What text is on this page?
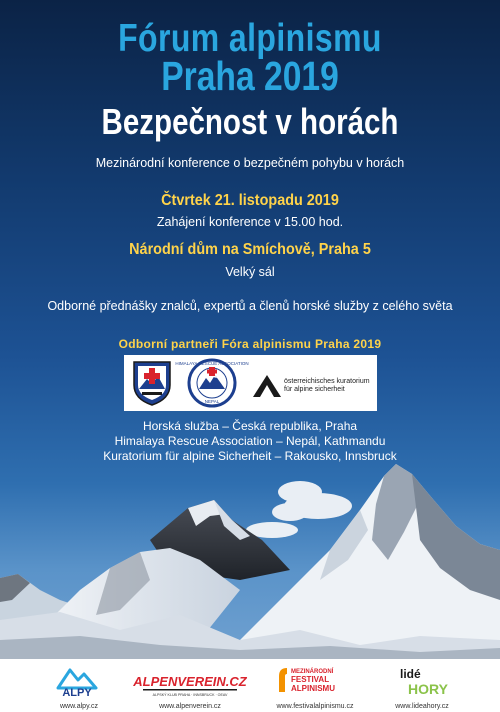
Fórum alpinismu
Praha 2019
Bezpečnost v horách
Mezinárodní konference o bezpečném pohybu v horách
Čtvrtek 21. listopadu 2019
Zahájení konference v 15.00 hod.
Národní dům na Smíchově, Praha 5
Velký sál
Odborné přednášky znalců, expertů a členů horské služby z celého světa
Odborní partneři Fóra alpinismu Praha 2019
HIMALAYA RESCUE ASSOCIATION
NEPAL
österreichisches kuratorium für alpine sicherheit
Horská služba – Česká republika, Praha
Himalaya Rescue Association – Nepál, Kathmandu
Kuratorium für alpine Sicherheit – Rakousko, Innsbruck
ALPY
www.alpy.cz
ALPENVEREIN.CZ
ALPSKÝ KLUB PRAHA · INNSBRUCK · OEAV
www.alpenverein.cz
MEZINÁRODNÍ
FESTIVAL
ALPINISMU
www.festivalalpinismu.cz
lidé
HORY
www.lideahory.cz
